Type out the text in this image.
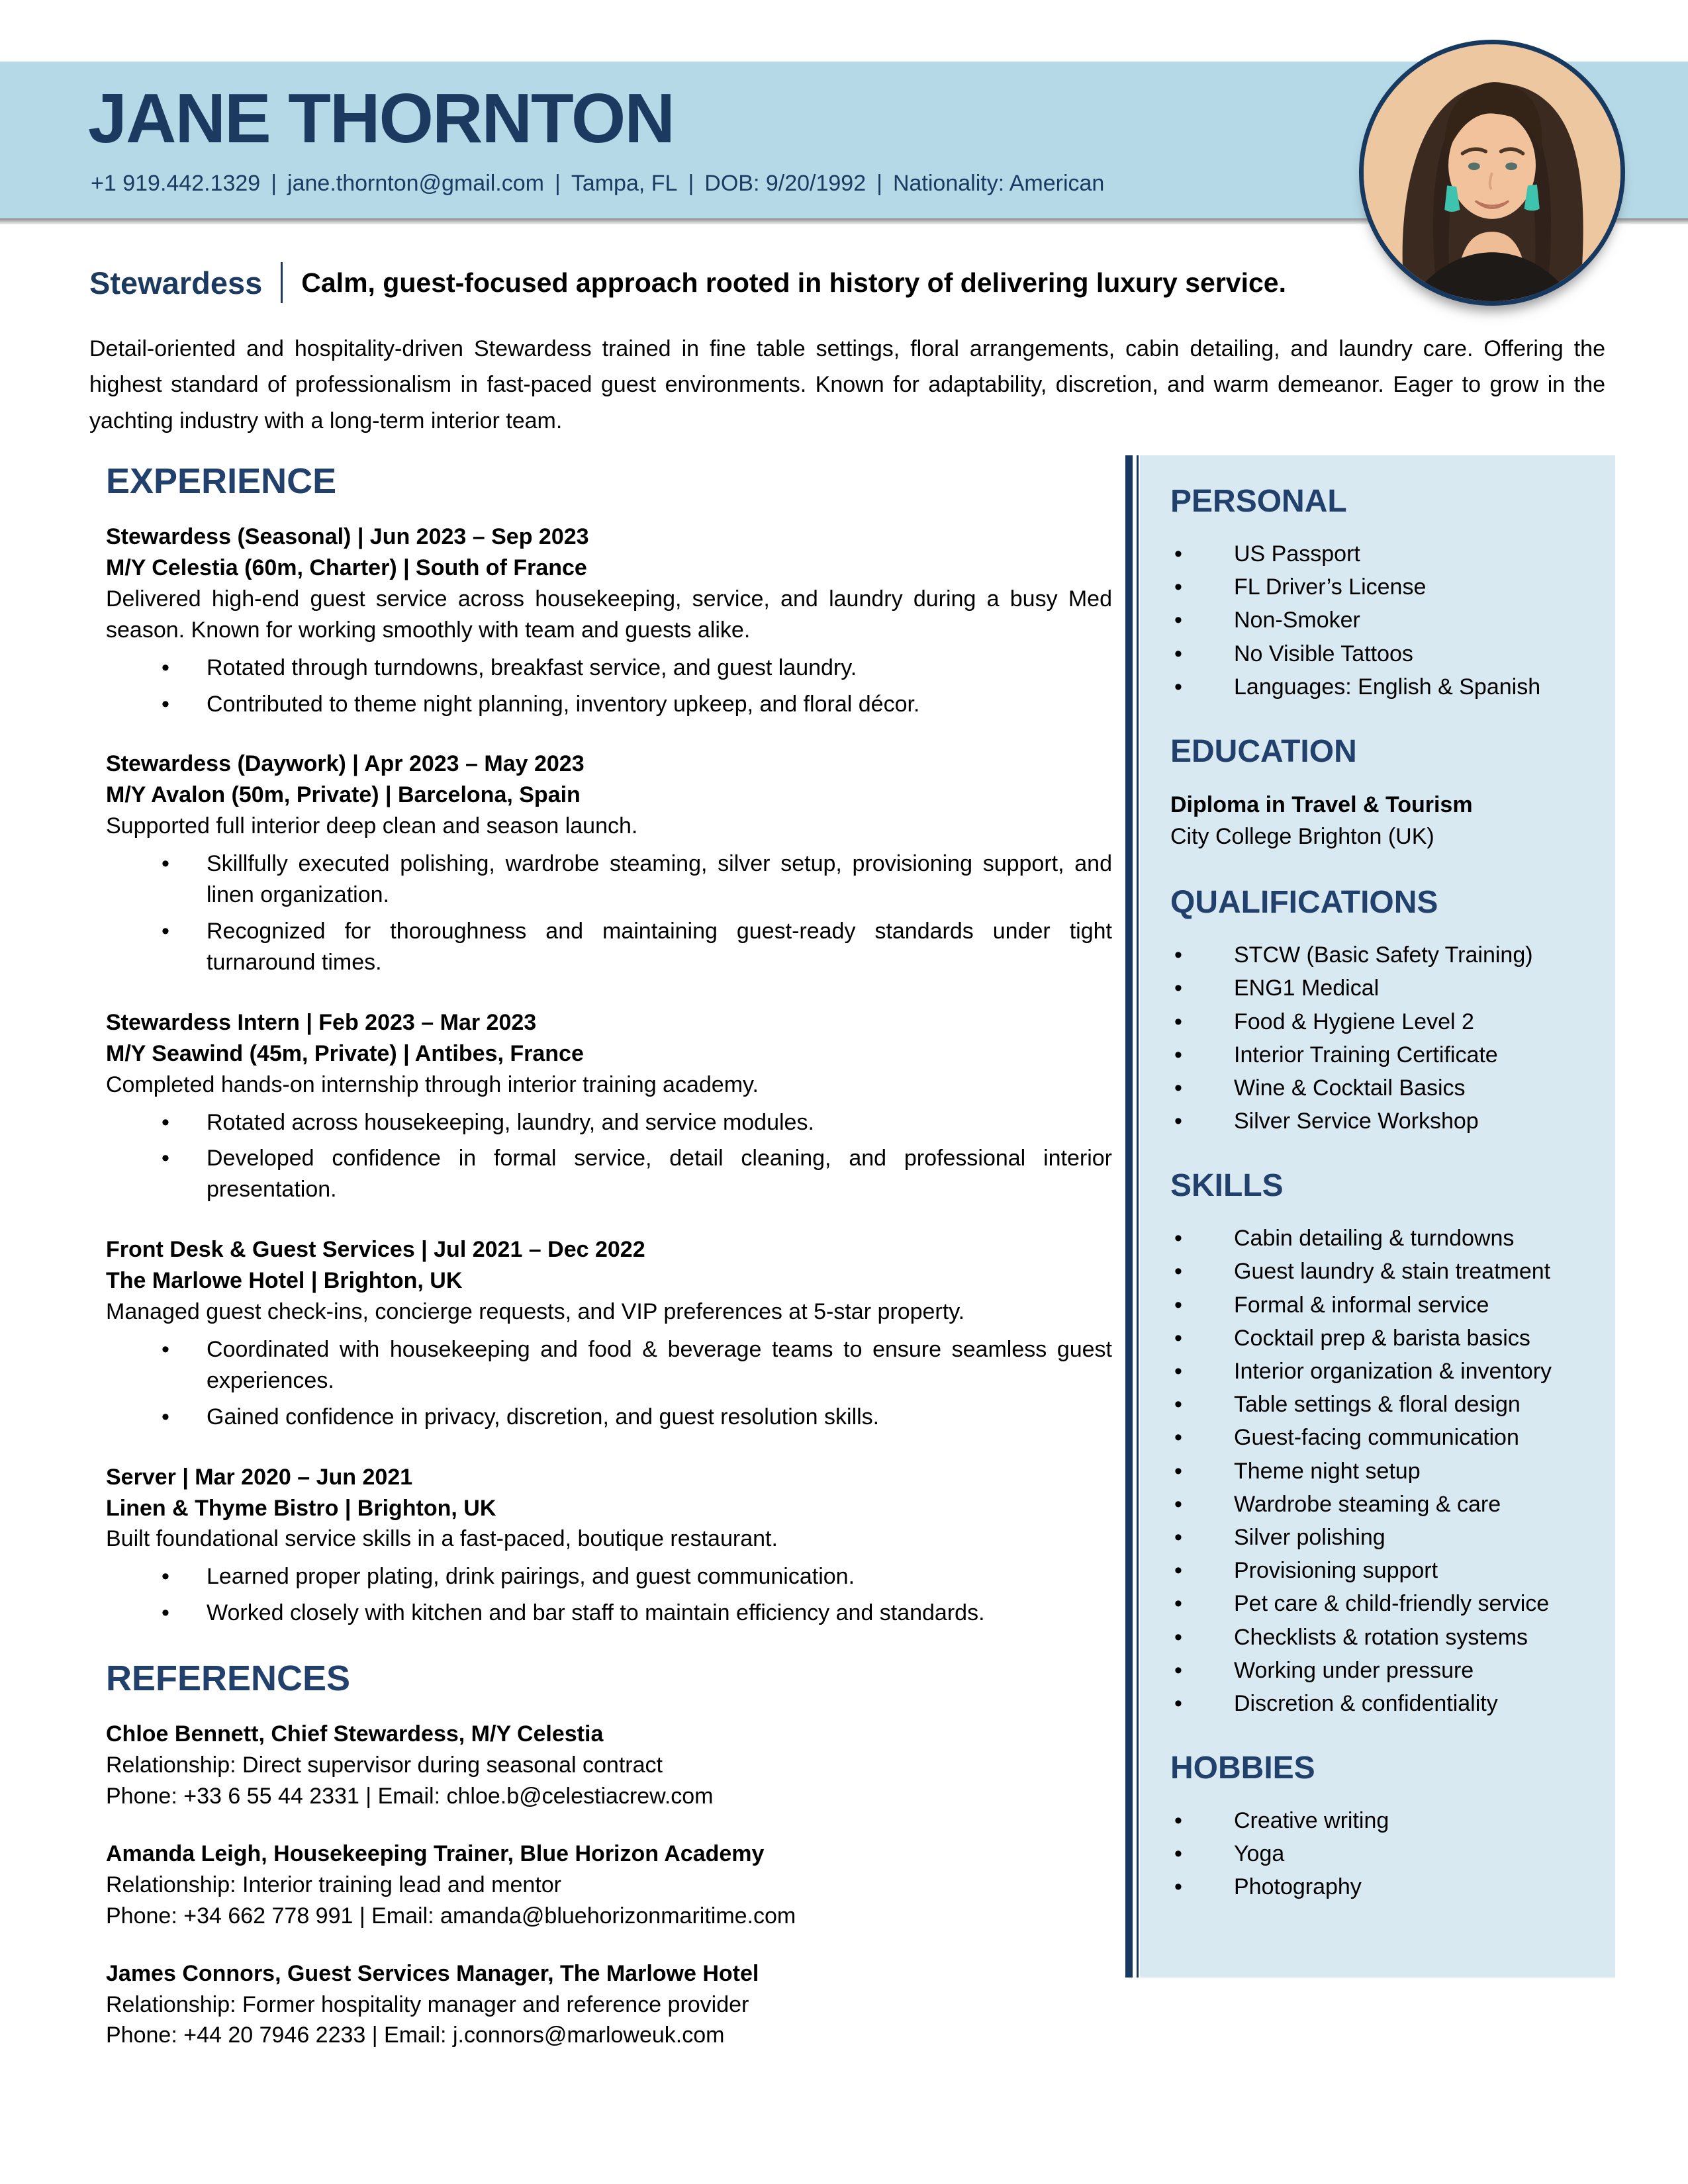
JANE THORNTON
+1 919.442.1329 | jane.thornton@gmail.com | Tampa, FL | DOB: 9/20/1992 | Nationality: American
Stewardess Calm, guest-focused approach rooted in history of delivering luxury service.
Detail-oriented and hospitality-driven Stewardess trained in fine table settings, floral arrangements, cabin detailing, and laundry care. Offering the highest standard of professionalism in fast-paced guest environments. Known for adaptability, discretion, and warm demeanor. Eager to grow in the yachting industry with a long-term interior team.
EXPERIENCE
Stewardess (Seasonal) | Jun 2023 – Sep 2023
M/Y Celestia (60m, Charter) | South of France
Delivered high-end guest service across housekeeping, service, and laundry during a busy Med season. Known for working smoothly with team and guests alike.
• Rotated through turndowns, breakfast service, and guest laundry.
• Contributed to theme night planning, inventory upkeep, and floral décor.
Stewardess (Daywork) | Apr 2023 – May 2023
M/Y Avalon (50m, Private) | Barcelona, Spain
Supported full interior deep clean and season launch.
• Skillfully executed polishing, wardrobe steaming, silver setup, provisioning support, and linen organization.
• Recognized for thoroughness and maintaining guest-ready standards under tight turnaround times.
Stewardess Intern | Feb 2023 – Mar 2023
M/Y Seawind (45m, Private) | Antibes, France
Completed hands-on internship through interior training academy.
• Rotated across housekeeping, laundry, and service modules.
• Developed confidence in formal service, detail cleaning, and professional interior presentation.
Front Desk & Guest Services | Jul 2021 – Dec 2022
The Marlowe Hotel | Brighton, UK
Managed guest check-ins, concierge requests, and VIP preferences at 5-star property.
• Coordinated with housekeeping and food & beverage teams to ensure seamless guest experiences.
• Gained confidence in privacy, discretion, and guest resolution skills.
Server | Mar 2020 – Jun 2021
Linen & Thyme Bistro | Brighton, UK
Built foundational service skills in a fast-paced, boutique restaurant.
• Learned proper plating, drink pairings, and guest communication.
• Worked closely with kitchen and bar staff to maintain efficiency and standards.
REFERENCES
Chloe Bennett, Chief Stewardess, M/Y Celestia
Relationship: Direct supervisor during seasonal contract
Phone: +33 6 55 44 2331 | Email: chloe.b@celestiacrew.com
Amanda Leigh, Housekeeping Trainer, Blue Horizon Academy
Relationship: Interior training lead and mentor
Phone: +34 662 778 991 | Email: amanda@bluehorizonmaritime.com
James Connors, Guest Services Manager, The Marlowe Hotel
Relationship: Former hospitality manager and reference provider
Phone: +44 20 7946 2233 | Email: j.connors@marloweuk.com
PERSONAL
• US Passport
• FL Driver’s License
• Non-Smoker
• No Visible Tattoos
• Languages: English & Spanish
EDUCATION
Diploma in Travel & Tourism
City College Brighton (UK)
QUALIFICATIONS
• STCW (Basic Safety Training)
• ENG1 Medical
• Food & Hygiene Level 2
• Interior Training Certificate
• Wine & Cocktail Basics
• Silver Service Workshop
SKILLS
• Cabin detailing & turndowns
• Guest laundry & stain treatment
• Formal & informal service
• Cocktail prep & barista basics
• Interior organization & inventory
• Table settings & floral design
• Guest-facing communication
• Theme night setup
• Wardrobe steaming & care
• Silver polishing
• Provisioning support
• Pet care & child-friendly service
• Checklists & rotation systems
• Working under pressure
• Discretion & confidentiality
HOBBIES
• Creative writing
• Yoga
• Photography
